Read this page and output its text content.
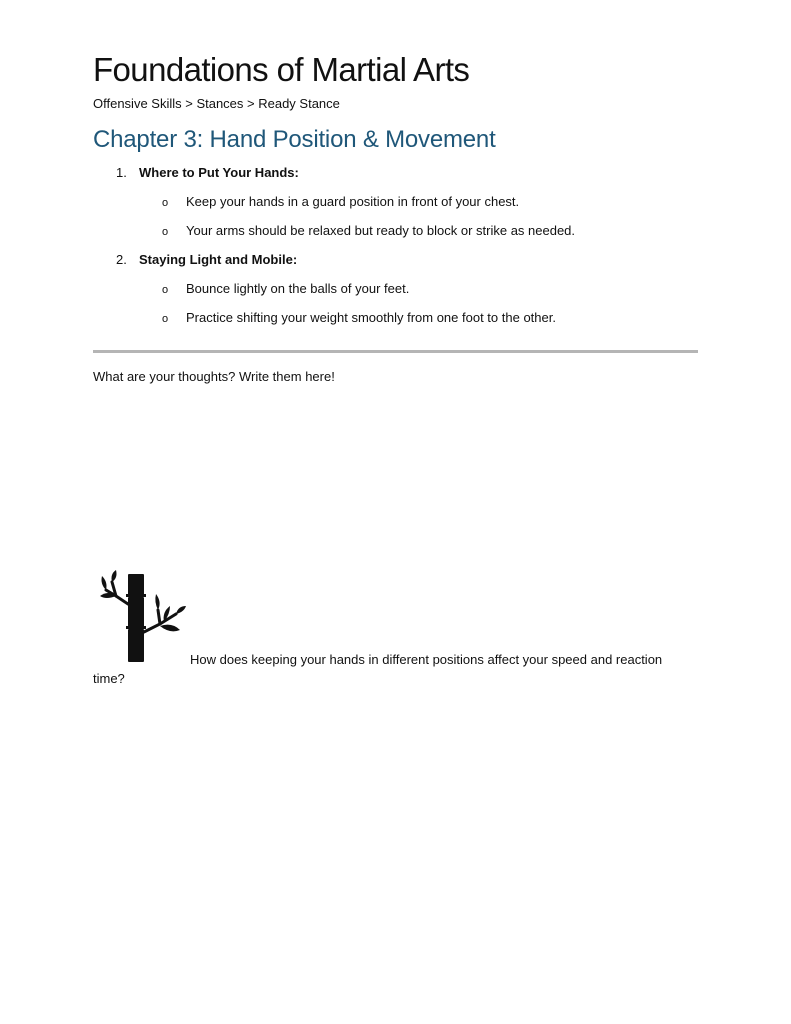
Foundations of Martial Arts
Offensive Skills > Stances > Ready Stance
Chapter 3: Hand Position & Movement
1. Where to Put Your Hands:
o Keep your hands in a guard position in front of your chest.
o Your arms should be relaxed but ready to block or strike as needed.
2. Staying Light and Mobile:
o Bounce lightly on the balls of your feet.
o Practice shifting your weight smoothly from one foot to the other.
What are your thoughts? Write them here!
How does keeping your hands in different positions affect your speed and reaction
time?
